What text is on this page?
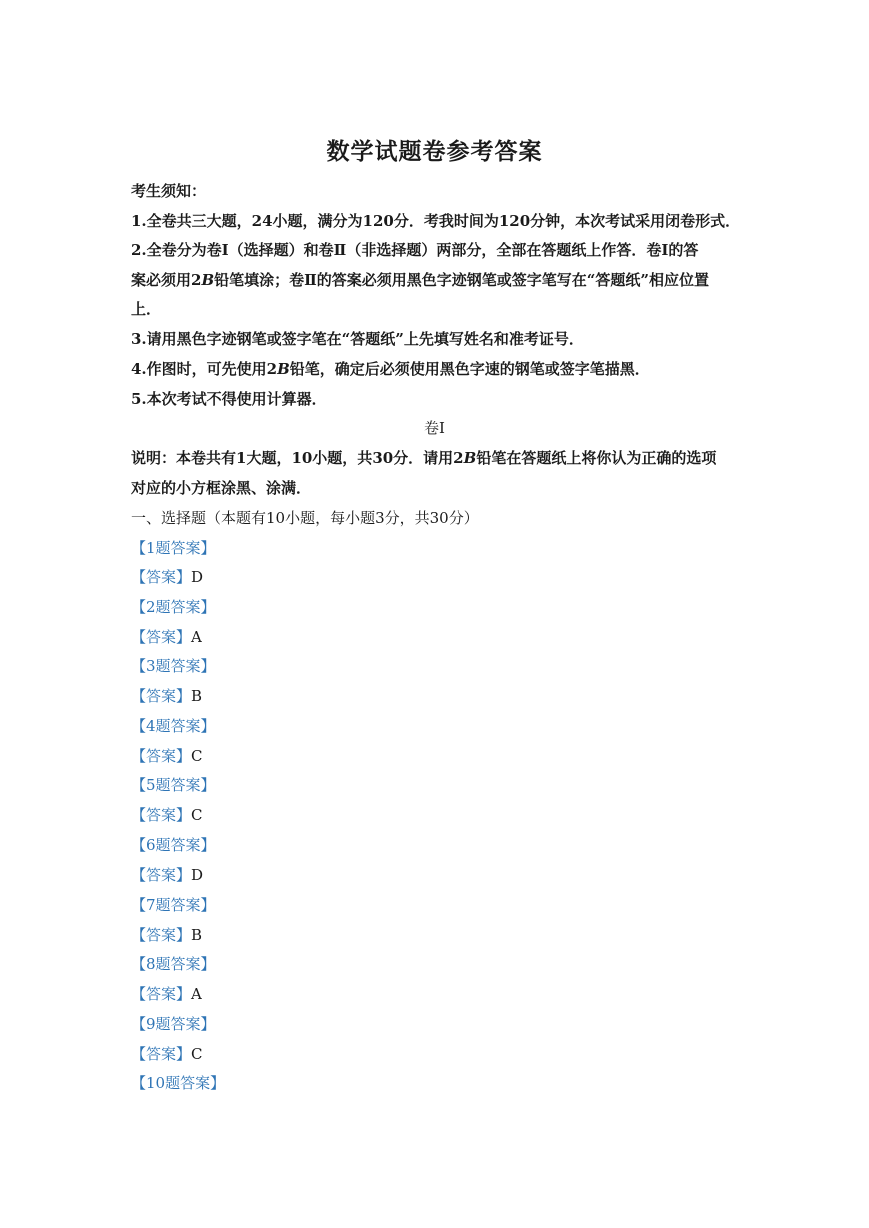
数学试题卷参考答案
考生须知：
1.全卷共三大题，24小题，满分为120分．考我时间为120分钟，本次考试采用闭卷形式．
2.全卷分为卷Ⅰ（选择题）和卷Ⅱ（非选择题）两部分，全部在答题纸上作答．卷Ⅰ的答
案必须用2B铅笔填涂；卷Ⅱ的答案必须用黑色字迹钢笔或签字笔写在“答题纸”相应位置
上．
3.请用黑色字迹钢笔或签字笔在“答题纸”上先填写姓名和准考证号．
4.作图时，可先使用2B铅笔，确定后必须使用黑色字速的钢笔或签字笔描黑．
5.本次考试不得使用计算器．
卷Ⅰ
说明：本卷共有1大题，10小题，共30分．请用2B铅笔在答题纸上将你认为正确的选项
对应的小方框涂黑、涂满．
一、选择题（本题有10小题，每小题3分，共30分）
【1题答案】
【答案】D
【2题答案】
【答案】A
【3题答案】
【答案】B
【4题答案】
【答案】C
【5题答案】
【答案】C
【6题答案】
【答案】D
【7题答案】
【答案】B
【8题答案】
【答案】A
【9题答案】
【答案】C
【10题答案】
